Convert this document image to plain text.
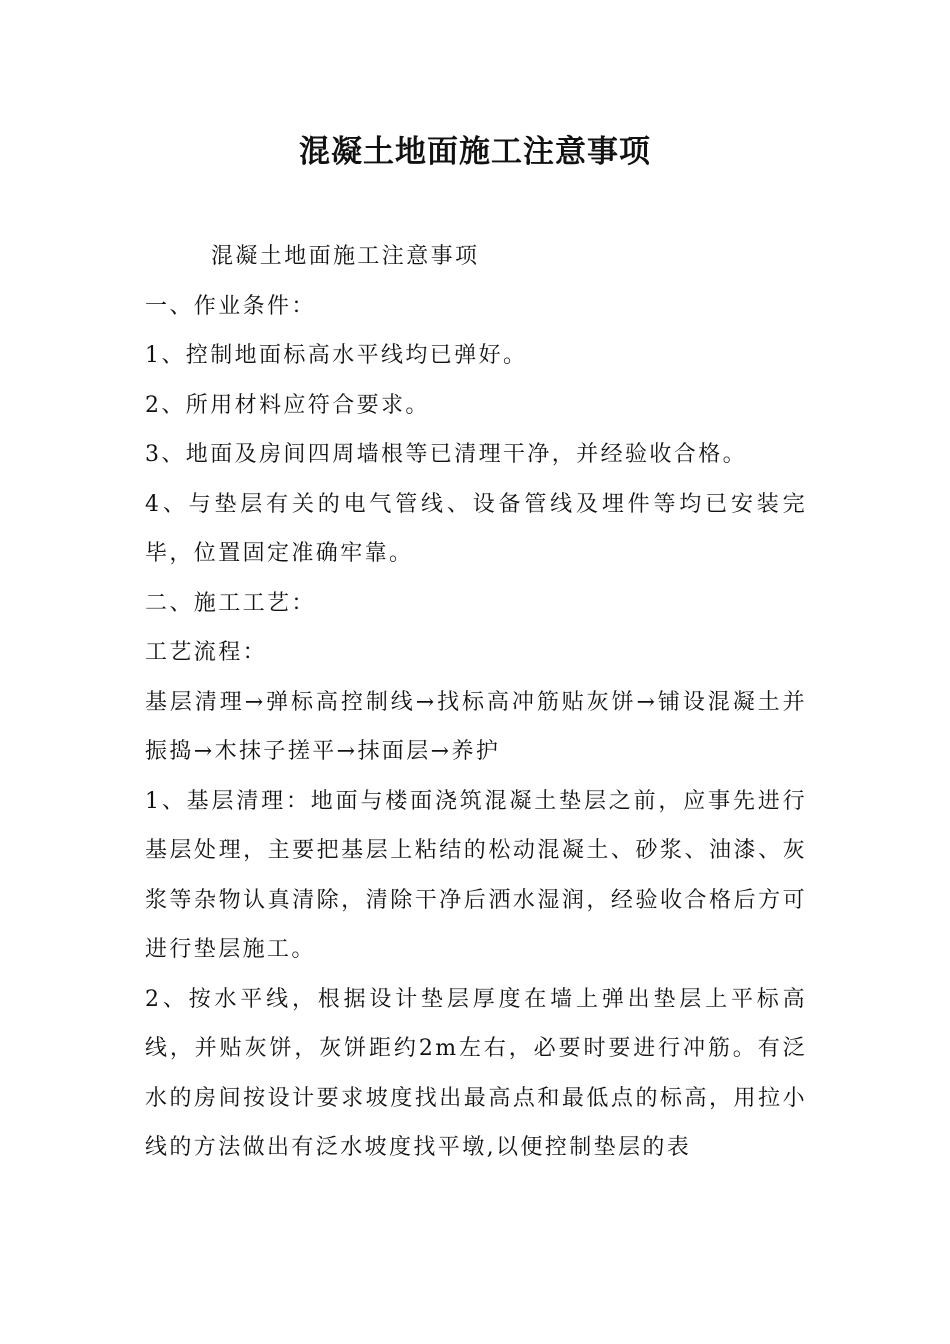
混凝土地面施工注意事项

混凝土地面施工注意事项

一、作业条件：

1、控制地面标高水平线均已弹好。

2、所用材料应符合要求。

3、地面及房间四周墙根等已清理干净，并经验收合格。

4、与垫层有关的电气管线、设备管线及埋件等均已安装完毕，位置固定准确牢靠。

二、施工工艺：

工艺流程：

基层清理→弹标高控制线→找标高冲筋贴灰饼→铺设混凝土并振捣→木抹子搓平→抹面层→养护

1、基层清理：地面与楼面浇筑混凝土垫层之前，应事先进行基层处理，主要把基层上粘结的松动混凝土、砂浆、油漆、灰浆等杂物认真清除，清除干净后洒水湿润，经验收合格后方可进行垫层施工。

2、按水平线，根据设计垫层厚度在墙上弹出垫层上平标高线，并贴灰饼，灰饼距约2m左右，必要时要进行冲筋。有泛水的房间按设计要求坡度找出最高点和最低点的标高，用拉小线的方法做出有泛水坡度找平墩,以便控制垫层的表
